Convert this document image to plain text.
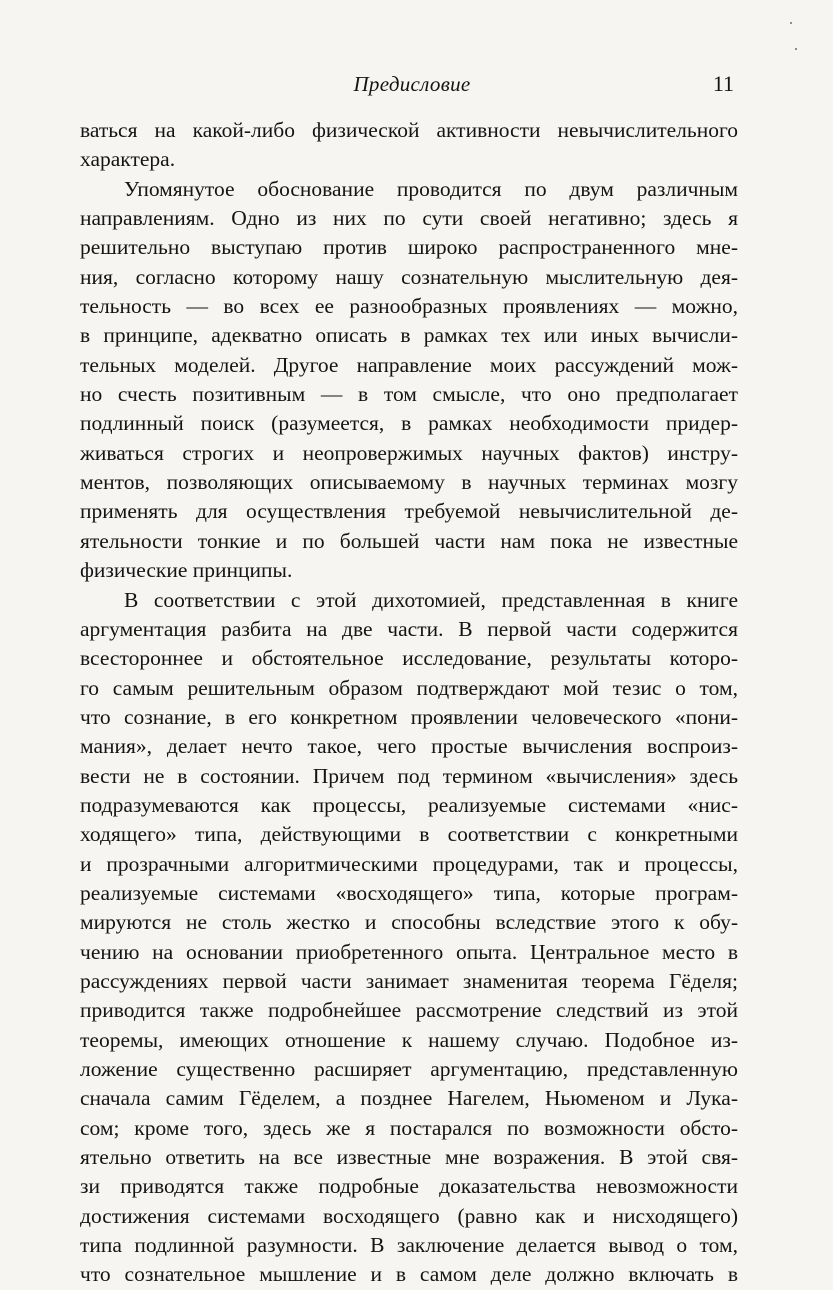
Предисловие	11
ваться на какой-либо физической активности невычислительного
характера.
Упомянутое обоснование проводится по двум различным
направлениям. Одно из них по сути своей негативно; здесь я
решительно выступаю против широко распространенного мне-
ния, согласно которому нашу сознательную мыслительную дея-
тельность — во всех ее разнообразных проявлениях — можно,
в принципе, адекватно описать в рамках тех или иных вычисли-
тельных моделей. Другое направление моих рассуждений мож-
но счесть позитивным — в том смысле, что оно предполагает
подлинный поиск (разумеется, в рамках необходимости придер-
живаться строгих и неопровержимых научных фактов) инстру-
ментов, позволяющих описываемому в научных терминах мозгу
применять для осуществления требуемой невычислительной де-
ятельности тонкие и по большей части нам пока не известные
физические принципы.
В соответствии с этой дихотомией, представленная в книге
аргументация разбита на две части. В первой части содержится
всестороннее и обстоятельное исследование, результаты которо-
го самым решительным образом подтверждают мой тезис о том,
что сознание, в его конкретном проявлении человеческого «пони-
мания», делает нечто такое, чего простые вычисления воспроиз-
вести не в состоянии. Причем под термином «вычисления» здесь
подразумеваются как процессы, реализуемые системами «нис-
ходящего» типа, действующими в соответствии с конкретными
и прозрачными алгоритмическими процедурами, так и процессы,
реализуемые системами «восходящего» типа, которые програм-
мируются не столь жестко и способны вследствие этого к обу-
чению на основании приобретенного опыта. Центральное место в
рассуждениях первой части занимает знаменитая теорема Гёделя;
приводится также подробнейшее рассмотрение следствий из этой
теоремы, имеющих отношение к нашему случаю. Подобное из-
ложение существенно расширяет аргументацию, представленную
сначала самим Гёделем, а позднее Нагелем, Ньюменом и Лука-
сом; кроме того, здесь же я постарался по возможности обсто-
ятельно ответить на все известные мне возражения. В этой свя-
зи приводятся также подробные доказательства невозможности
достижения системами восходящего (равно как и нисходящего)
типа подлинной разумности. В заключение делается вывод о том,
что сознательное мышление и в самом деле должно включать в
